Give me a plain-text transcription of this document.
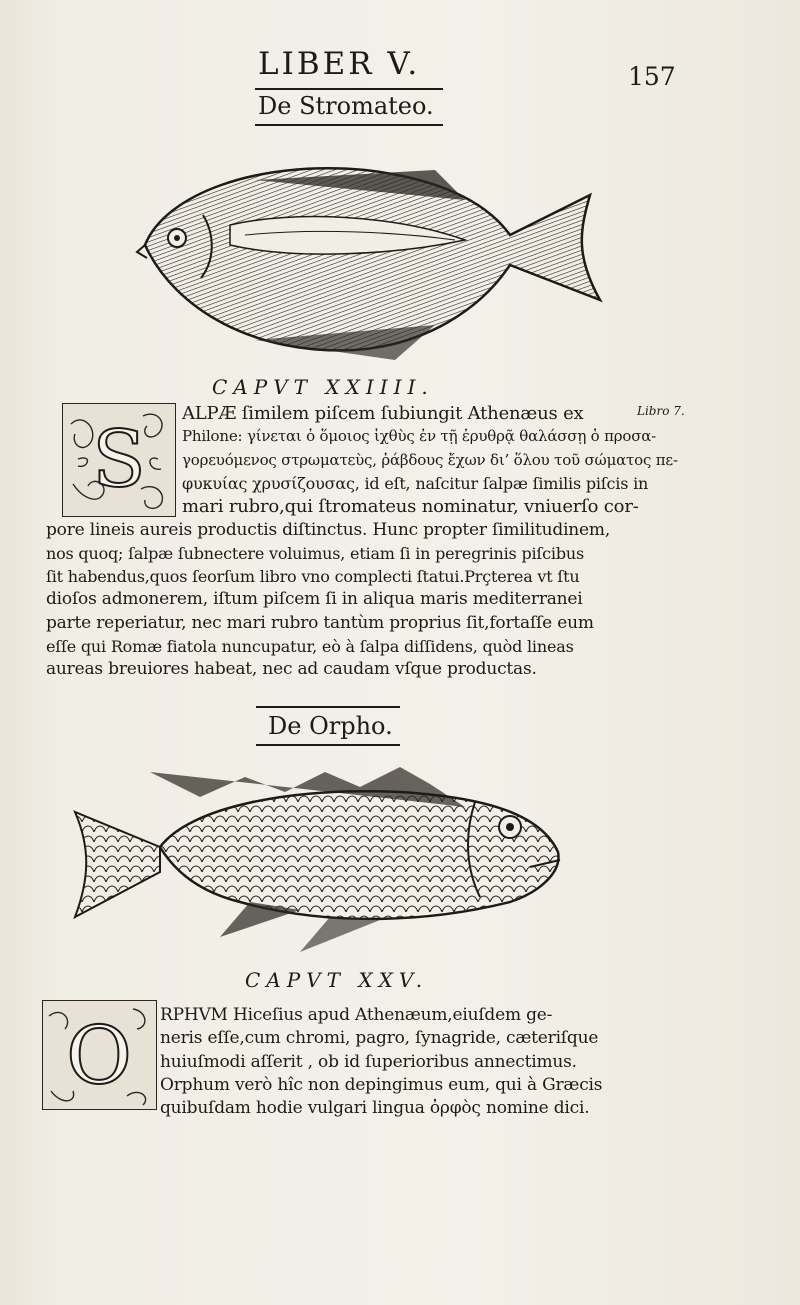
LIBER V.	157
De Stromateo.
CAPVT XXIIII.
S
Libro 7.
ALPÆ ſimilem piſcem ſubiungit Athenæus ex
Philone: γίνεται ὁ ὅμοιος ἰχθὺς ἐν τῇ ἐρυθρᾷ θαλάσσῃ ὁ προσα-
γορευόμενος στρωματεὺς, ῥάβδους ἔχων δι’ ὅλου τοῦ σώματος πε-
φυκυίας χρυσίζουσας, id eſt, naſcitur ſalpæ ſimilis piſcis in
mari rubro,qui ſtromateus nominatur, vniuerſo cor-
pore lineis aureis productis diſtinctus. Hunc propter ſimilitudinem,
nos quoq; ſalpæ ſubnectere voluimus, etiam ſi in peregrinis piſcibus
ſit habendus,quos ſeorſum libro vno complecti ſtatui.Prçterea vt ſtu
dioſos admonerem, iſtum piſcem ſi in aliqua maris mediterranei
parte reperiatur, nec mari rubro tantùm proprius ſit,fortaſſe eum
eſſe qui Romæ fiatola nuncupatur, eò à ſalpa diſſidens, quòd lineas
aureas breuiores habeat, nec ad caudam vſque productas.
De Orpho.
CAPVT XXV.
O RPHVM Hiceſius apud Athenæum,eiuſdem ge-
neris eſſe,cum chromi, pagro, ſynagride, cæteriſque
huiuſmodi aſſerit , ob id ſuperioribus annectimus.
Orphum verò hîc non depingimus eum, qui à Græcis
quibuſdam hodie vulgari lingua ὀρφὸς nomine dici.
